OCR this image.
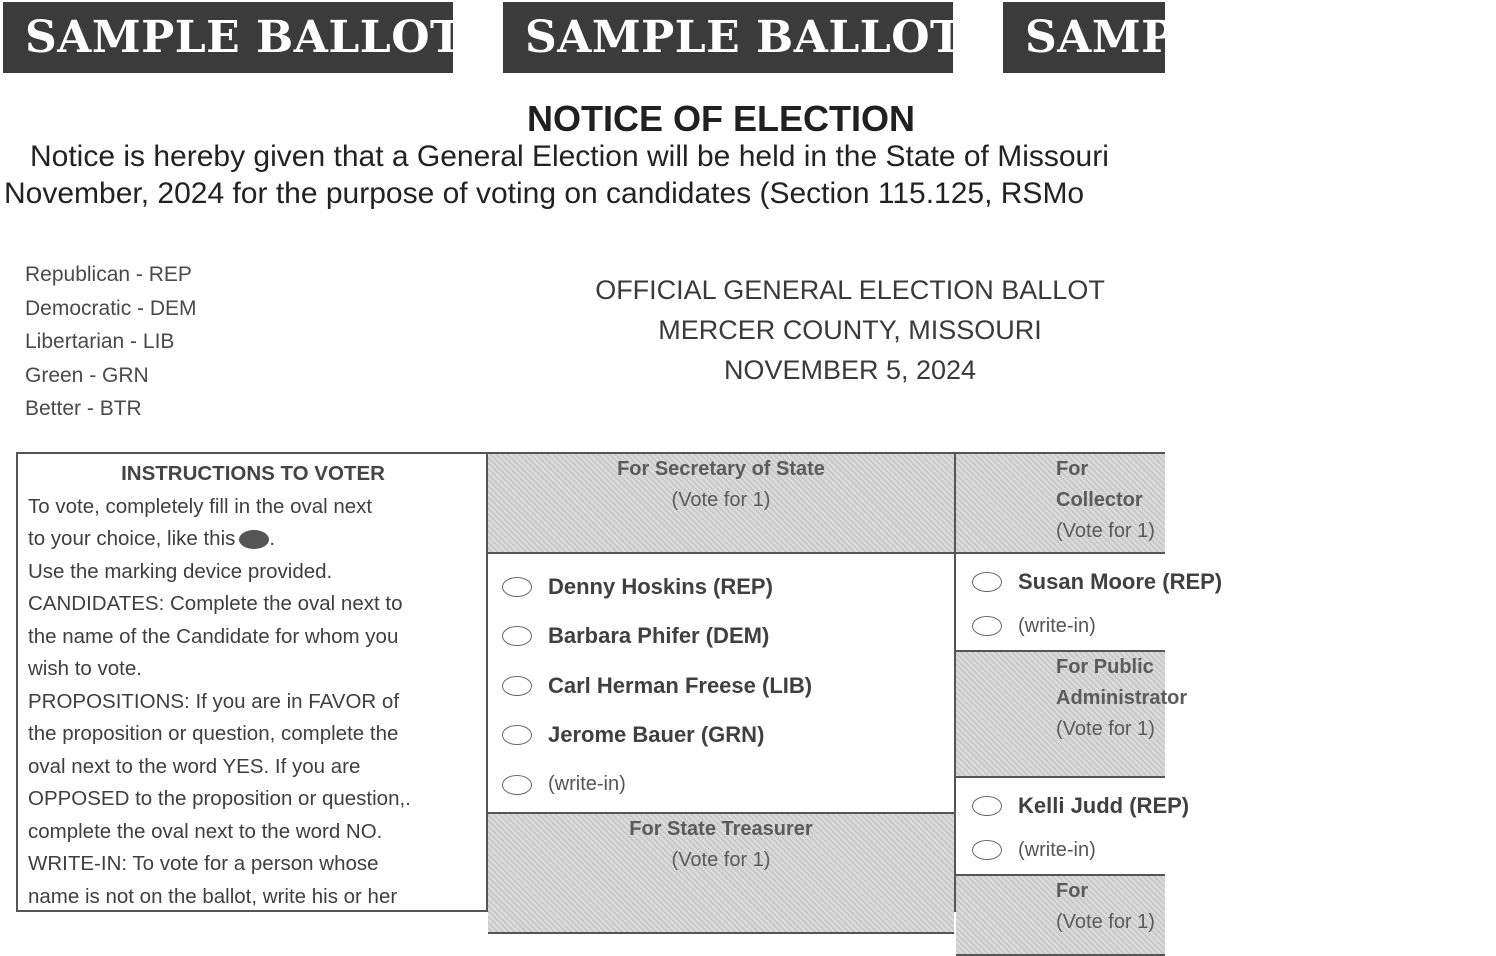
SAMPLE BALLOTS SAMPLE BALLOTS SAMPLE BALLOTS
NOTICE OF ELECTION
Notice is hereby given that a General Election will be held in the State of Missouri
November, 2024 for the purpose of voting on candidates (Section 115.125, RSMo
Republican - REP
Democratic - DEM
Libertarian - LIB
Green - GRN
Better - BTR
OFFICIAL GENERAL ELECTION BALLOT
MERCER COUNTY, MISSOURI
NOVEMBER 5, 2024
INSTRUCTIONS TO VOTER

To vote, completely fill in the oval next

to your choice, like this .

Use the marking device provided.

CANDIDATES: Complete the oval next to

the name of the Candidate for whom you

wish to vote.

PROPOSITIONS: If you are in FAVOR of

the proposition or question, complete the

oval next to the word YES. If you are

OPPOSED to the proposition or question,.

complete the oval next to the word NO.

WRITE-IN: To vote for a person whose

name is not on the ballot, write his or her

For Secretary of State
(Vote for 1)
Denny Hoskins (REP)
Barbara Phifer (DEM)
Carl Herman Freese (LIB)
Jerome Bauer (GRN)
(write-in)
For State Treasurer
(Vote for 1)
For Collector
(Vote for 1)
Susan Moore (REP)
(write-in)
For Public Administrator
(Vote for 1)
Kelli Judd (REP)
(write-in)
For
(Vote for 1)
